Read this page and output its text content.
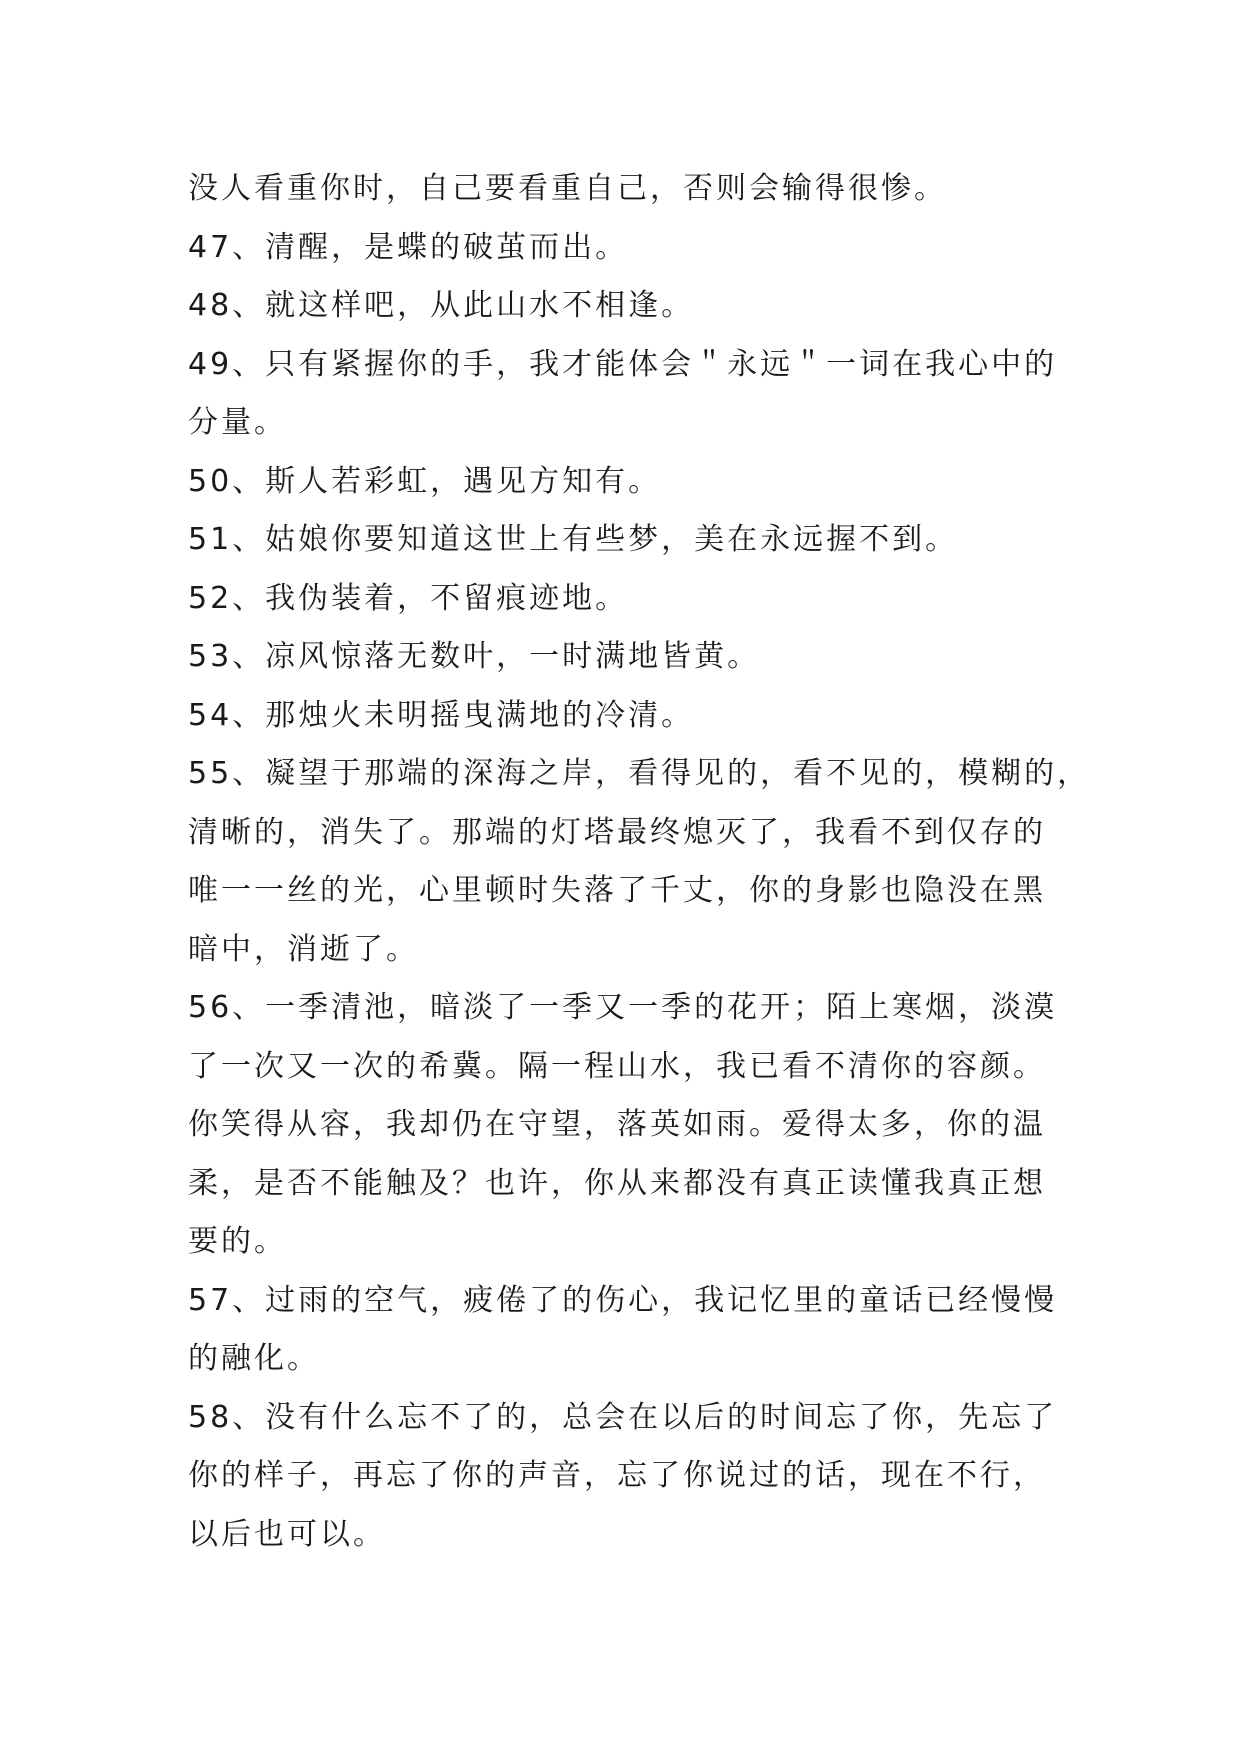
没人看重你时，自己要看重自己，否则会输得很惨。
47、清醒，是蝶的破茧而出。
48、就这样吧，从此山水不相逢。
49、只有紧握你的手，我才能体会＂永远＂一词在我心中的
分量。
50、斯人若彩虹，遇见方知有。
51、姑娘你要知道这世上有些梦，美在永远握不到。
52、我伪装着，不留痕迹地。
53、凉风惊落无数叶，一时满地皆黄。
54、那烛火未明摇曳满地的冷清。
55、凝望于那端的深海之岸，看得见的，看不见的，模糊的，
清晰的，消失了。那端的灯塔最终熄灭了，我看不到仅存的
唯一一丝的光，心里顿时失落了千丈，你的身影也隐没在黑
暗中，消逝了。
56、一季清池，暗淡了一季又一季的花开；陌上寒烟，淡漠
了一次又一次的希冀。隔一程山水，我已看不清你的容颜。
你笑得从容，我却仍在守望，落英如雨。爱得太多，你的温
柔，是否不能触及？也许，你从来都没有真正读懂我真正想
要的。
57、过雨的空气，疲倦了的伤心，我记忆里的童话已经慢慢
的融化。
58、没有什么忘不了的，总会在以后的时间忘了你，先忘了
你的样子，再忘了你的声音，忘了你说过的话，现在不行，
以后也可以。
